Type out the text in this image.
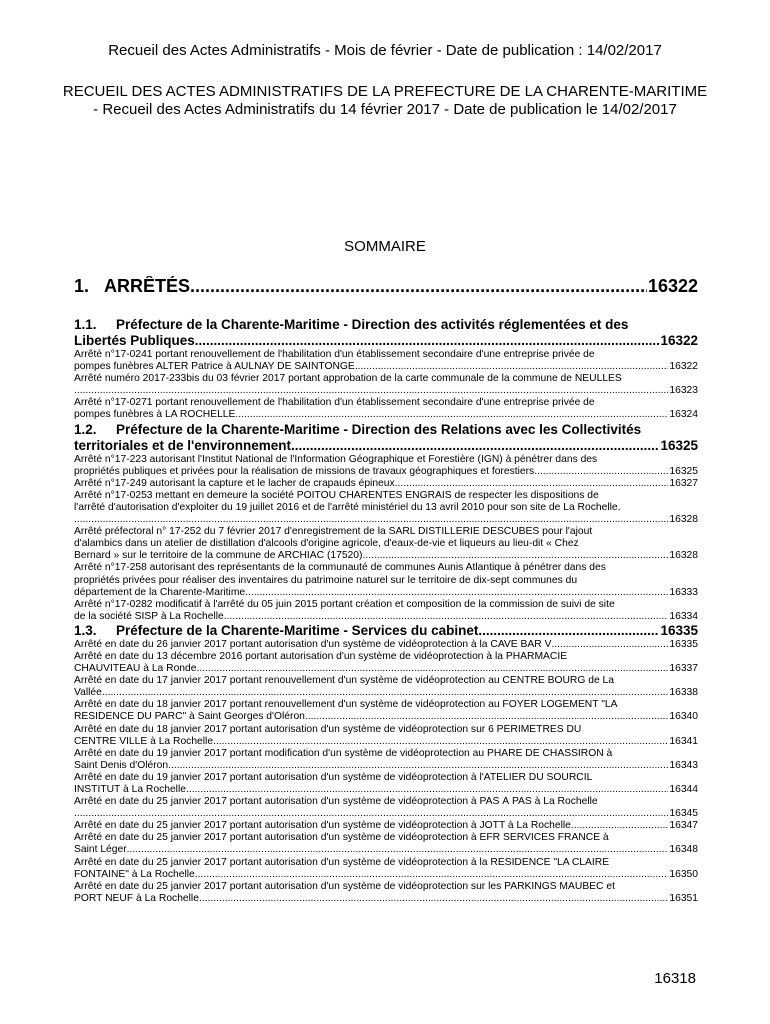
Recueil des Actes Administratifs - Mois de février - Date de publication : 14/02/2017
RECUEIL DES ACTES ADMINISTRATIFS DE LA PREFECTURE DE LA CHARENTE-MARITIME - Recueil des Actes Administratifs du 14 février 2017 - Date de publication le 14/02/2017
SOMMAIRE
1. ARRÊTÉS .....	16322
1.1. Préfecture de la Charente-Maritime - Direction des activités réglementées et des
Libertés Publiques .....	16322
Arrêté n°17-0241 portant renouvellement de l'habilitation d'un établissement secondaire d'une entreprise privée de
pompes funèbres ALTER Patrice à AULNAY DE SAINTONGE .....	16322
Arrêté numéro 2017-233bis du 03 février 2017 portant approbation de la carte communale de la commune de NEULLES
.....
16323
Arrêté n°17-0271 portant renouvellement de l'habilitation d'un établissement secondaire d'une entreprise privée de
pompes funèbres à LA ROCHELLE .....	16324
1.2. Préfecture de la Charente-Maritime - Direction des Relations avec les Collectivités
territoriales et de l'environnement .....	16325
Arrêté n°17-223 autorisant l'Institut National de l'Information Géographique et Forestière (IGN) à pénétrer dans des
propriétés publiques et privées pour la réalisation de missions de travaux géographiques et forestiers .....	16325
Arrêté n°17-249 autorisant la capture et le lacher de crapauds épineux .....	16327
Arrêté n°17-0253 mettant en demeure la société POITOU CHARENTES ENGRAIS de respecter les dispositions de
l'arrêté d'autorisation d'exploiter du 19 juillet 2016 et de l'arrêté ministériel du 13 avril 2010 pour son site de La Rochelle.
.....
16328
Arrêté préfectoral n° 17-252 du 7 février 2017 d'enregistrement de la SARL DISTILLERIE DESCUBES pour l'ajout
d'alambics dans un atelier de distillation d'alcools d'origine agricole, d'eaux-de-vie et liqueurs au lieu-dit « Chez
Bernard » sur le territoire de la commune de ARCHIAC (17520) .....	16328
Arrêté n°17-258 autorisant des représentants de la communauté de communes Aunis Atlantique à pénétrer dans des
propriétés privées pour réaliser des inventaires du patrimoine naturel sur le territoire de dix-sept communes du
département de la Charente-Maritime .....	16333
Arrêté n°17-0282 modificatif à l'arrêté du 05 juin 2015 portant création et composition de la commission de suivi de site
de la société SISP à La Rochelle .....	16334
1.3. Préfecture de la Charente-Maritime - Services du cabinet .....	16335
Arrêté en date du 26 janvier 2017 portant autorisation d'un système de vidéoprotection à la CAVE BAR V .....	16335
Arrêté en date du 13 décembre 2016 portant autorisation d'un système de vidéoprotection à la PHARMACIE
CHAUVITEAU à La Ronde .....	16337
Arrêté en date du 17 janvier 2017 portant renouvellement d'un système de vidéoprotection au CENTRE BOURG de La
Vallée .....	16338
Arrêté en date du 18 janvier 2017 portant renouvellement d'un système de vidéoprotection au FOYER LOGEMENT "LA
RÉSIDENCE DU PARC" à Saint Georges d'Oléron .....	16340
Arrêté en date du 18 janvier 2017 portant autorisation d'un système de vidéoprotection sur 6 PÉRIMÈTRES DU
CENTRE VILLE à La Rochelle .....	16341
Arrêté en date du 19 janvier 2017 portant modification d'un système de vidéoprotection au PHARE DE CHASSIRON à
Saint Denis d'Oléron .....	16343
Arrêté en date du 19 janvier 2017 portant autorisation d'un système de vidéoprotection à l'ATELIER DU SOURCIL
INSTITUT à La Rochelle .....	16344
Arrêté en date du 25 janvier 2017 portant autorisation d'un système de vidéoprotection à PAS À PAS à La Rochelle
.....
16345
Arrêté en date du 25 janvier 2017 portant autorisation d'un système de vidéoprotection à JOTT à La Rochelle .....	16347
Arrêté en date du 25 janvier 2017 portant autorisation d'un système de vidéoprotection à EFR SERVICES FRANCE à
Saint Léger .....	16348
Arrêté en date du 25 janvier 2017 portant autorisation d'un système de vidéoprotection à la RÉSIDENCE "LA CLAIRE
FONTAINE" à La Rochelle .....	16350
Arrêté en date du 25 janvier 2017 portant autorisation d'un système de vidéoprotection sur les PARKINGS MAUBEC et
PORT NEUF à La Rochelle .....	16351
16318
